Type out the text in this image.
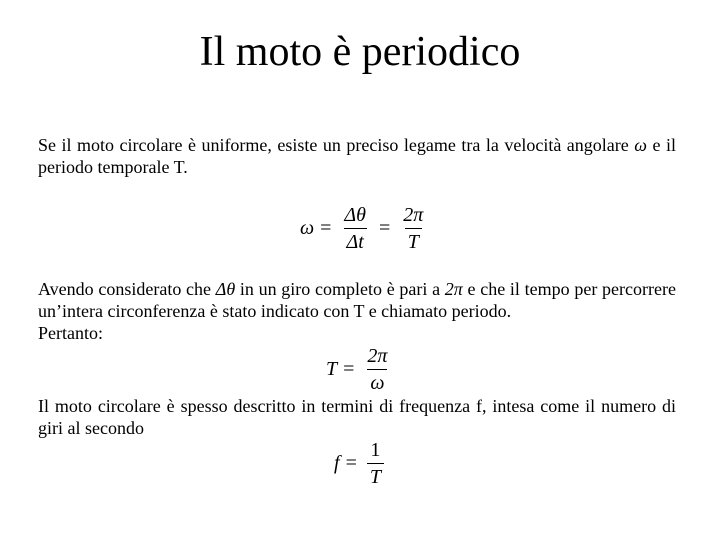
Il moto è periodico
Se il moto circolare è uniforme, esiste un preciso legame tra la velocità angolare ω e il periodo temporale T.
$\omega = \frac{\Delta\theta}{\Delta t} = \frac{2\pi}{T}$
Avendo considerato che Δθ in un giro completo è pari a 2π e che il tempo per percorrere un’intera circonferenza è stato indicato con T e chiamato periodo.
Pertanto:
$T = \frac{2\pi}{\omega}$
Il moto circolare è spesso descritto in termini di frequenza f, intesa come il numero di giri al secondo
$f = \frac{1}{T}$
